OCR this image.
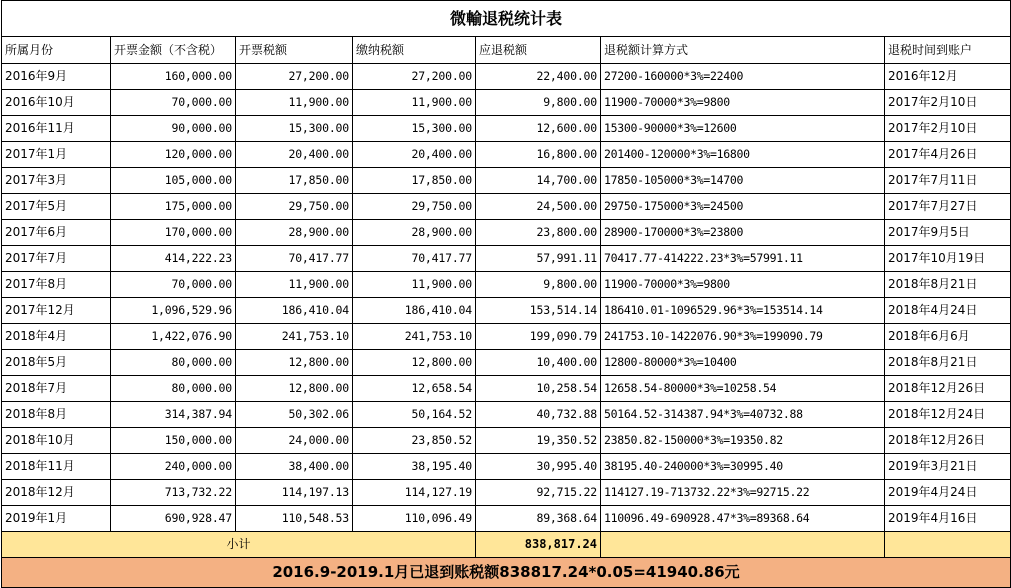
微輸退税统计表						
所属月份	开票金额（不含税）	开票税额	缴纳税额	应退税额	退税额计算方式	退税时间到账户
2016年9月	160,000.00	27,200.00	27,200.00	22,400.00	27200-160000*3%=22400	2016年12月
2016年10月	70,000.00	11,900.00	11,900.00	9,800.00	11900-70000*3%=9800	2017年2月10日
2016年11月	90,000.00	15,300.00	15,300.00	12,600.00	15300-90000*3%=12600	2017年2月10日
2017年1月	120,000.00	20,400.00	20,400.00	16,800.00	201400-120000*3%=16800	2017年4月26日
2017年3月	105,000.00	17,850.00	17,850.00	14,700.00	17850-105000*3%=14700	2017年7月11日
2017年5月	175,000.00	29,750.00	29,750.00	24,500.00	29750-175000*3%=24500	2017年7月27日
2017年6月	170,000.00	28,900.00	28,900.00	23,800.00	28900-170000*3%=23800	2017年9月5日
2017年7月	414,222.23	70,417.77	70,417.77	57,991.11	70417.77-414222.23*3%=57991.11	2017年10月19日
2017年8月	70,000.00	11,900.00	11,900.00	9,800.00	11900-70000*3%=9800	2018年8月21日
2017年12月	1,096,529.96	186,410.04	186,410.04	153,514.14	186410.01-1096529.96*3%=153514.14	2018年4月24日
2018年4月	1,422,076.90	241,753.10	241,753.10	199,090.79	241753.10-1422076.90*3%=199090.79	2018年6月6月
2018年5月	80,000.00	12,800.00	12,800.00	10,400.00	12800-80000*3%=10400	2018年8月21日
2018年7月	80,000.00	12,800.00	12,658.54	10,258.54	12658.54-80000*3%=10258.54	2018年12月26日
2018年8月	314,387.94	50,302.06	50,164.52	40,732.88	50164.52-314387.94*3%=40732.88	2018年12月24日
2018年10月	150,000.00	24,000.00	23,850.52	19,350.52	23850.82-150000*3%=19350.82	2018年12月26日
2018年11月	240,000.00	38,400.00	38,195.40	30,995.40	38195.40-240000*3%=30995.40	2019年3月21日
2018年12月	713,732.22	114,197.13	114,127.19	92,715.22	114127.19-713732.22*3%=92715.22	2019年4月24日
2019年1月	690,928.47	110,548.53	110,096.49	89,368.64	110096.49-690928.47*3%=89368.64	2019年4月16日
小计				838,817.24		
2016.9-2019.1月已退到账税额838817.24*0.05=41940.86元						
